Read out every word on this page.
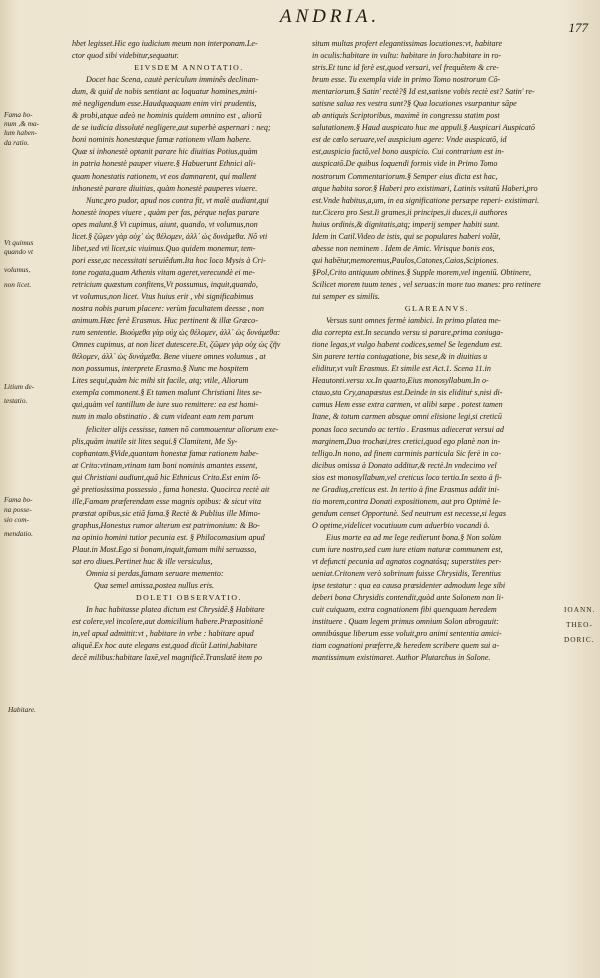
ANDRIA.
177
hbet legisset.Hic ego iudicium meum non interponam.Le-
ctor quod sibi videbitur,sequatur.
EIVSDEM ANNOTATIO.
Docet hac Scena, cautè periculum imminês declinan-
dum, & quid de nobis sentiant ac loquatur homines,mini-
mè negligendum esse.Haudquaquam enim viri prudentis,
& probi,atque adeò ne hominis quidem omnino est , aliorũ
de se iudicia dissoluté negligere,aut superbè aspernari : neq;
boni nominis honestæque famæ rationem vllam habere.
Quæ si inhonestè optanit parare hic diuitias Potius,quàm
in patria honestè pauper viuere.§ Habuerunt Ethnici ali-
quam honestatis rationem, vt eos damnarent, qui mallent
inhonestè parare diuitias, quàm honestè pauperes viuere.
Nunc,pro pudor, apud nos contra fit, vt malè audiant,qui
honestè inopes viuere , quàm per fas, pérque nefas parare
opes malunt.§ Vt cupimus, aiunt, quando, vt volumus,non
licet.§ ζῶμεν γὰρ οὐχ᾽ ὡς θέλομεν, ἀλλ᾽ ὡς δυνάμεθα. Nõ vti
libet,sed vti licet,sic viuimus.Quo quidem monemur, tem-
pori esse,ac necessitati seruiêdum.Ita hoc loco Mysis à Cri-
tone rogata,quam Athenis vitam ageret,verecundè ei me-
retricium quæstum confitens,Vt possumus, inquit,quando,
vt volumus,non licet. Vtus huius erit , vbi significabimus
nostra nobis parum placere: verùm facultatem deesse , non
animum.Hæc ferè Erasmus. Huc pertinent & illæ Græco-
rum sententie. Βιούμεθα γὰρ οὐχ ὡς θέλομεν, ἀλλ᾽ ὡς δυνάμεθα:
Omnes cupimus, at non licet dutescere.Et, ζῶμεν γὰρ οὐχ ὡς ζῆν
θέλομεν, ἀλλ᾽ ὡς δυνάμεθα. Bene viuere omnes volumus , at
non possumus, interprete Erasmo.§ Nunc me hospitem
Lites sequi,quàm hic mihi sit facile, atq; vtile, Aliorum
exempla commonent.§ Et tamen malunt Christiani lites se-
qui,quàm vel tantillum de iure suo remittere: ea est homi-
num in malo obstinatio . & cum videant eam rem parum
feliciter alijs cessisse, tamen nõ commouentur aliorum exe-
plis,quàm inutile sit lites sequi.§ Clamitent, Me Sy-
cophantam.§Vide,quantam honestæ famæ rationem habe-
at Crito:vtinam,vtinam tam boni nominis amantes essent,
qui Christiani audiunt,quã hic Ethnicus Crito.Est enim lõ-
gè pretiosissima possessio , fama honesta. Quocirca rectè ait
ille,Famam præferendam esse magnis opibus: & sicut vita
præstat opibus,sic etiã fama.§ Rectè & Publius ille Mimo-
graphus,Honestus rumor alterum est patrimonium: & Bo-
na opinio homini tutior pecunia est. § Philocomasium apud
Plaut.in Most.Ego si bonam,inquit,famam mihi seruasso,
sat ero diues.Pertinet huc & ille versiculus,
Omnia si perdas,famam seruare memento:
Qua semel amissa,postea nullus eris.
DOLETI OBSERVATIO.
In hac habitasse platea dictum est Chrysidē.§ Habitare
est colere,vel incolere,aut domicilium habere.Præpositionē
in,vel apud admittit:vt , habitare in vrbe : habitare apud
aliquē.Ex hoc aute elegans est,quod dicūt Latini,habitare
decē milibus:habitare laxē,vel magnificē.Translatē item po
situm multas profert elegantissimas locutiones:vt, habitare
in oculis:habitare in vultu: habitare in foro:habitare in ro-
stris.Et tunc id ferè est,quod versari, vel frequētem & cre-
brum esse. Tu exempla vide in primo Tomo nostrorum Cõ-
mentariorum.§ Satin' rectè?§ Id est,satisne vobis rectè est? Satin' re-
satisne salua res vestra sunt?§ Qua locutiones vsurpantur sāpe
ab antiquis Scriptoribus, maximè in congressu statim post
salutationem.§ Haud auspicato huc me appuli.§ Auspicari Auspicatō
est de cœlo seruare,vel auspicium agere: Vnde auspicatō, id
est,auspicio factō,vel bono auspicio. Cui contrarium est in-
auspicatō.De quibus loquendi formis vide in Primo Tomo
nostrorum Commentariorum.§ Semper eius dicta est hac,
atque habita soror.§ Haberi pro existimari, Latinis vsitatū Haberi,pro
est.Vnde habitus,a,um, in ea significatione persæpe reperi- existimari.
tur.Cicero pro Sest.Ii grames,ii principes,ii duces,ii authores
huius ordinis,& dignitatis,atq; imperij semper habiti sunt.
Idem in Catil.Video de istis, qui se populares haberi volūt,
abesse non neminem . Idem de Amic. Virisque bonis eos,
qui habētur,memoremus,Paulos,Catones,Caios,Scipiones.
§Pol,Crito antiquum obtines.§ Supple morem,vel ingeniū. Obtinere,
Scilicet morem tuum tenes , vel seruas:in more tuo manes: pro retinere
tui semper es similis.
GLAREANVS.
Versus sunt omnes fermè iambici. In primo platea me-
dia correpta est.In secundo versu si parare,prima coniuga-
tione legas,vt vulgo habent codices,semel Se legendum est.
Sin parere tertia coniugatione, bis sese,& in diuitias u
eliditur,vt vult Erasmus. Et simile est Act.1. Scena 11.in
Heautonti.versu xx.In quarto,Eius monosyllabum.In o-
ctauo,sta Cry,anapæstus est.Deinde in sis elidituṙ s,nisi di-
camus Hem esse extra carmen, vt alibi sæpe . potest tamen
Itane, & totum carmen absque omni elisione legi,si creticū
ponas loco secundo ac tertio . Erasmus adiecerat versui ad
marginem,Duo trochæi,tres cretici,quod ego planè non in-
telligo.In nono, ad finem carminis particula Sic ferè in co-
dicibus omissa à Donato additur,& rectè.In vndecimo vel
sios est monosyllabum,vel creticus loco tertio.In sexto à fi-
ne Gradiuș,creticus est. In tertio à fine Erasmus addit ini-
tio morem,contra Donati expositionem, aut pro Optimè le-
gendum censet Opportunè. Sed neutrum est necesse,si legas
O optime,videlicet vocatiuum cum aduerbio vocandi ö.
Eius morte ea ad me lege redierunt bona.§ Non solùm
cum iure nostro,sed cum iure etiam naturæ communem est,
vt defuncti pecunia ad agnatos cognatósq; superstites per-
ueniat.Critonem verò sobrinum fuisse Chrysidis, Terentius
ipse testatur : qua ea causa præsidenter admodum lege sibi
deberi bona Chrysidis contendit,quòd ante Solonem non li-
cuit cuiquam, extra cognationem fibi quenquam heredem
instituere . Quam legem primus omnium Solon abrogauit:
omnibúsque liberum esse voluit,pro animi sententia amici-
tiam cognationi præferre,& heredem scribere quem sui a-
mantissimum existimaret. Author Plutarchus in Solone.
Fama bo-
num ,& ma-
lum haben-
da ratio.
Vt quimus
quando vt
volumus,
non licet.
Litium de-
testatio.
Fama bo-
na posse-
sio com-
mendatio.
Habitare.
IOANN.
THEO-
DORIC.
